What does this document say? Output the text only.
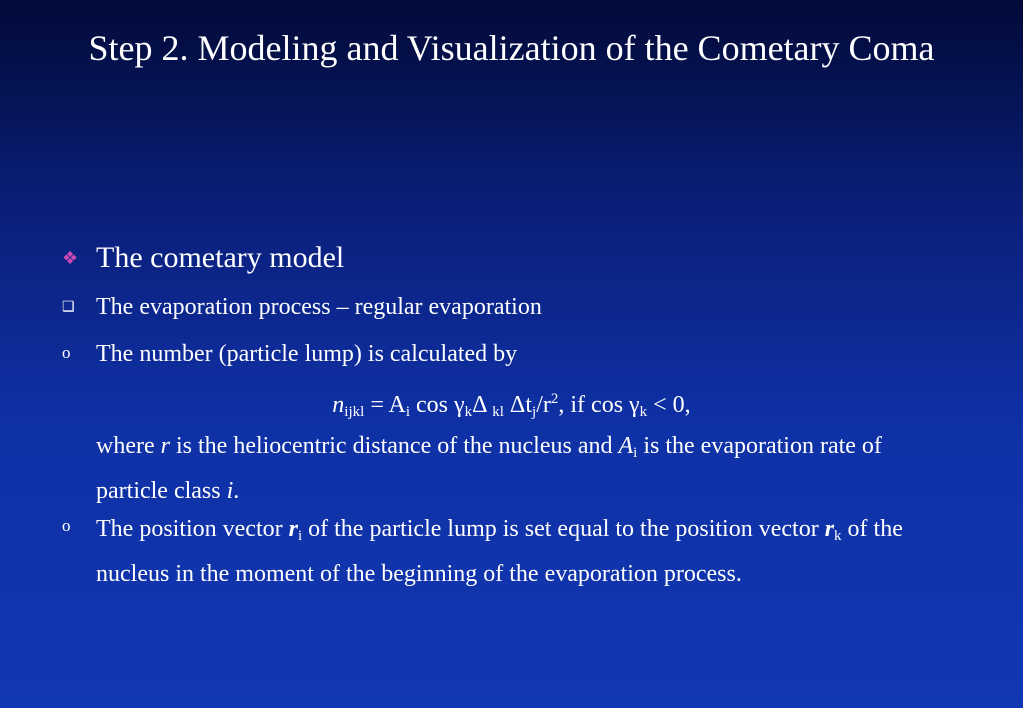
Step 2. Modeling and Visualization of the Cometary Coma
❖ The cometary model
❑ The evaporation process – regular evaporation
o The number (particle lump) is calculated by
$n_{ijkl} = A_i$ $\cos \gamma_k\Delta$ $_{kl}$ $\Delta t_j/r^2$, if $\cos \gamma_k < 0$,
where r is the heliocentric distance of the nucleus and $A_i$ is the evaporation rate of particle class i.
o The position vector $r_i$ of the particle lump is set equal to the position vector $r_k$ of the nucleus in the moment of the beginning of the evaporation process.
